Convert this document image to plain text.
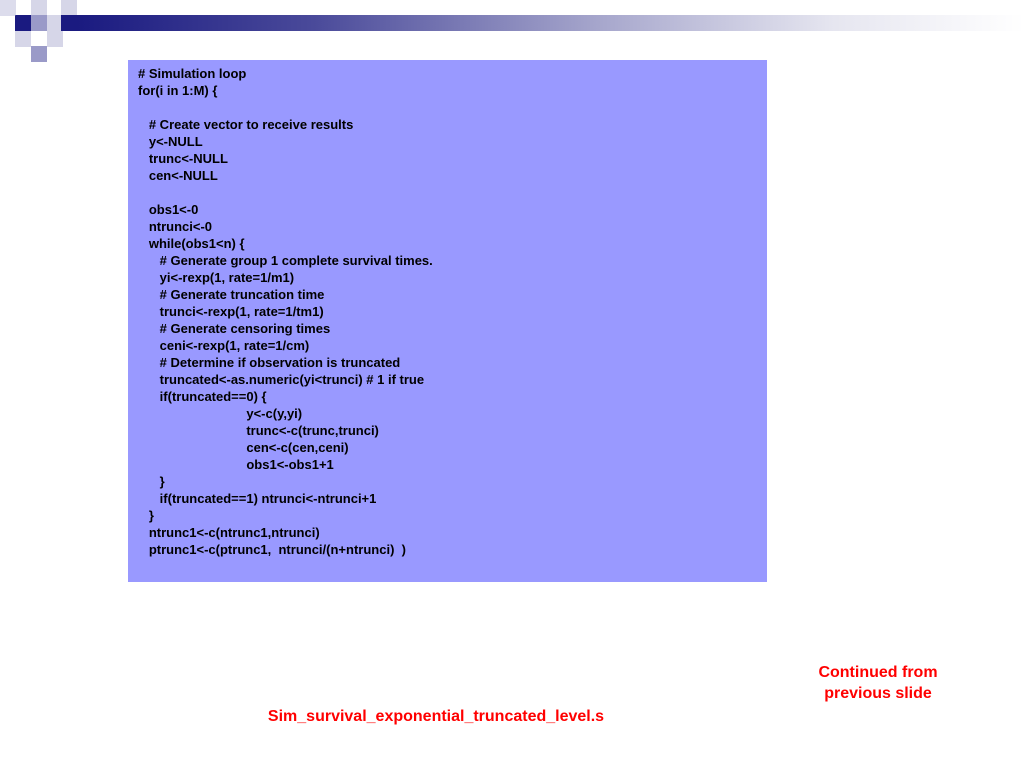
# Simulation loop
for(i in 1:M) {
# Create vector to receive results
y<-NULL
trunc<-NULL
cen<-NULL
obs1<-0
ntrunci<-0
while(obs1<n) {
# Generate group 1 complete survival times.
yi<-rexp(1, rate=1/m1)
# Generate truncation time
trunci<-rexp(1, rate=1/tm1)
# Generate censoring times
ceni<-rexp(1, rate=1/cm)
# Determine if observation is truncated
truncated<-as.numeric(yi<trunci) # 1 if true
if(truncated==0) {
y<-c(y,yi)
trunc<-c(trunc,trunci)
cen<-c(cen,ceni)
obs1<-obs1+1
}
if(truncated==1) ntrunci<-ntrunci+1
}
ntrunc1<-c(ntrunc1,ntrunci)
ptrunc1<-c(ptrunc1,  ntrunci/(n+ntrunci)  )
Continued from
previous slide
Sim_survival_exponential_truncated_level.s
